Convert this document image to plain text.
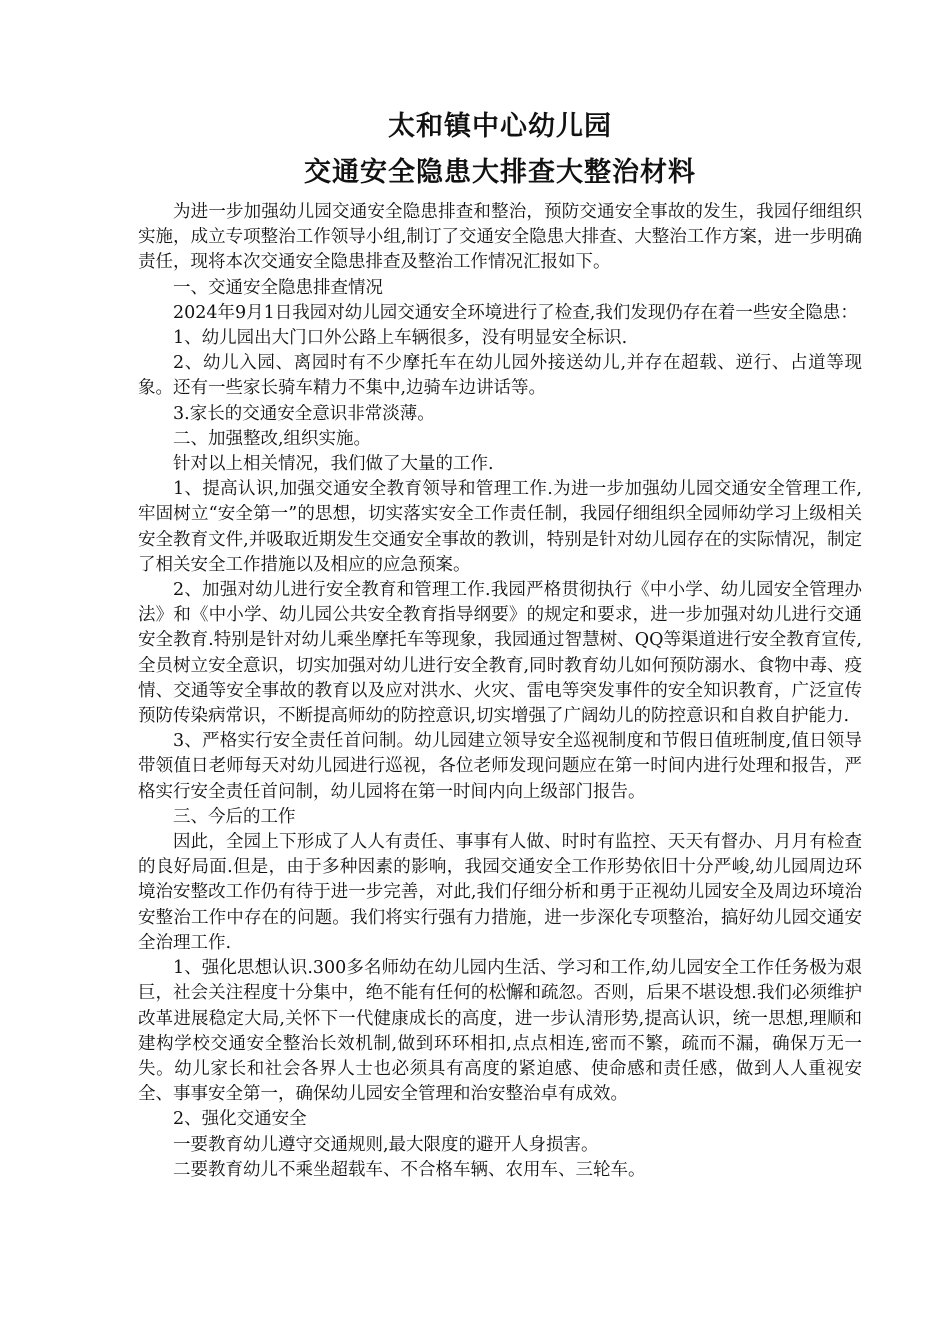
太和镇中心幼儿园
交通安全隐患大排查大整治材料

为进一步加强幼儿园交通安全隐患排查和整治，预防交通安全事故的发生，我园仔细组织实施，成立专项整治工作领导小组,制订了交通安全隐患大排查、大整治工作方案，进一步明确责任，现将本次交通安全隐患排查及整治工作情况汇报如下。

一、交通安全隐患排查情况

2024年9月1日我园对幼儿园交通安全环境进行了检查,我们发现仍存在着一些安全隐患：

1、幼儿园出大门口外公路上车辆很多，没有明显安全标识.

2、幼儿入园、离园时有不少摩托车在幼儿园外接送幼儿,并存在超载、逆行、占道等现象。还有一些家长骑车精力不集中,边骑车边讲话等。

3.家长的交通安全意识非常淡薄。

二、加强整改,组织实施。

针对以上相关情况，我们做了大量的工作.

1、提高认识,加强交通安全教育领导和管理工作.为进一步加强幼儿园交通安全管理工作,牢固树立“安全第一”的思想，切实落实安全工作责任制，我园仔细组织全园师幼学习上级相关安全教育文件,并吸取近期发生交通安全事故的教训，特别是针对幼儿园存在的实际情况，制定了相关安全工作措施以及相应的应急预案。

2、加强对幼儿进行安全教育和管理工作.我园严格贯彻执行《中小学、幼儿园安全管理办法》和《中小学、幼儿园公共安全教育指导纲要》的规定和要求，进一步加强对幼儿进行交通安全教育.特别是针对幼儿乘坐摩托车等现象，我园通过智慧树、QQ等渠道进行安全教育宣传,全员树立安全意识，切实加强对幼儿进行安全教育,同时教育幼儿如何预防溺水、食物中毒、疫情、交通等安全事故的教育以及应对洪水、火灾、雷电等突发事件的安全知识教育，广泛宣传预防传染病常识，不断提高师幼的防控意识,切实增强了广阔幼儿的防控意识和自救自护能力.

3、严格实行安全责任首问制。幼儿园建立领导安全巡视制度和节假日值班制度,值日领导带领值日老师每天对幼儿园进行巡视，各位老师发现问题应在第一时间内进行处理和报告，严格实行安全责任首问制，幼儿园将在第一时间内向上级部门报告。

三、今后的工作

因此，全园上下形成了人人有责任、事事有人做、时时有监控、天天有督办、月月有检查的良好局面.但是，由于多种因素的影响，我园交通安全工作形势依旧十分严峻,幼儿园周边环境治安整改工作仍有待于进一步完善，对此,我们仔细分析和勇于正视幼儿园安全及周边环境治安整治工作中存在的问题。我们将实行强有力措施，进一步深化专项整治，搞好幼儿园交通安全治理工作.

1、强化思想认识.300多名师幼在幼儿园内生活、学习和工作,幼儿园安全工作任务极为艰巨，社会关注程度十分集中，绝不能有任何的松懈和疏忽。否则，后果不堪设想.我们必须维护改革进展稳定大局,关怀下一代健康成长的高度，进一步认清形势,提高认识，统一思想,理顺和建构学校交通安全整治长效机制,做到环环相扣,点点相连,密而不繁，疏而不漏，确保万无一失。幼儿家长和社会各界人士也必须具有高度的紧迫感、使命感和责任感，做到人人重视安全、事事安全第一，确保幼儿园安全管理和治安整治卓有成效。

2、强化交通安全

一要教育幼儿遵守交通规则,最大限度的避开人身损害。

二要教育幼儿不乘坐超载车、不合格车辆、农用车、三轮车。
